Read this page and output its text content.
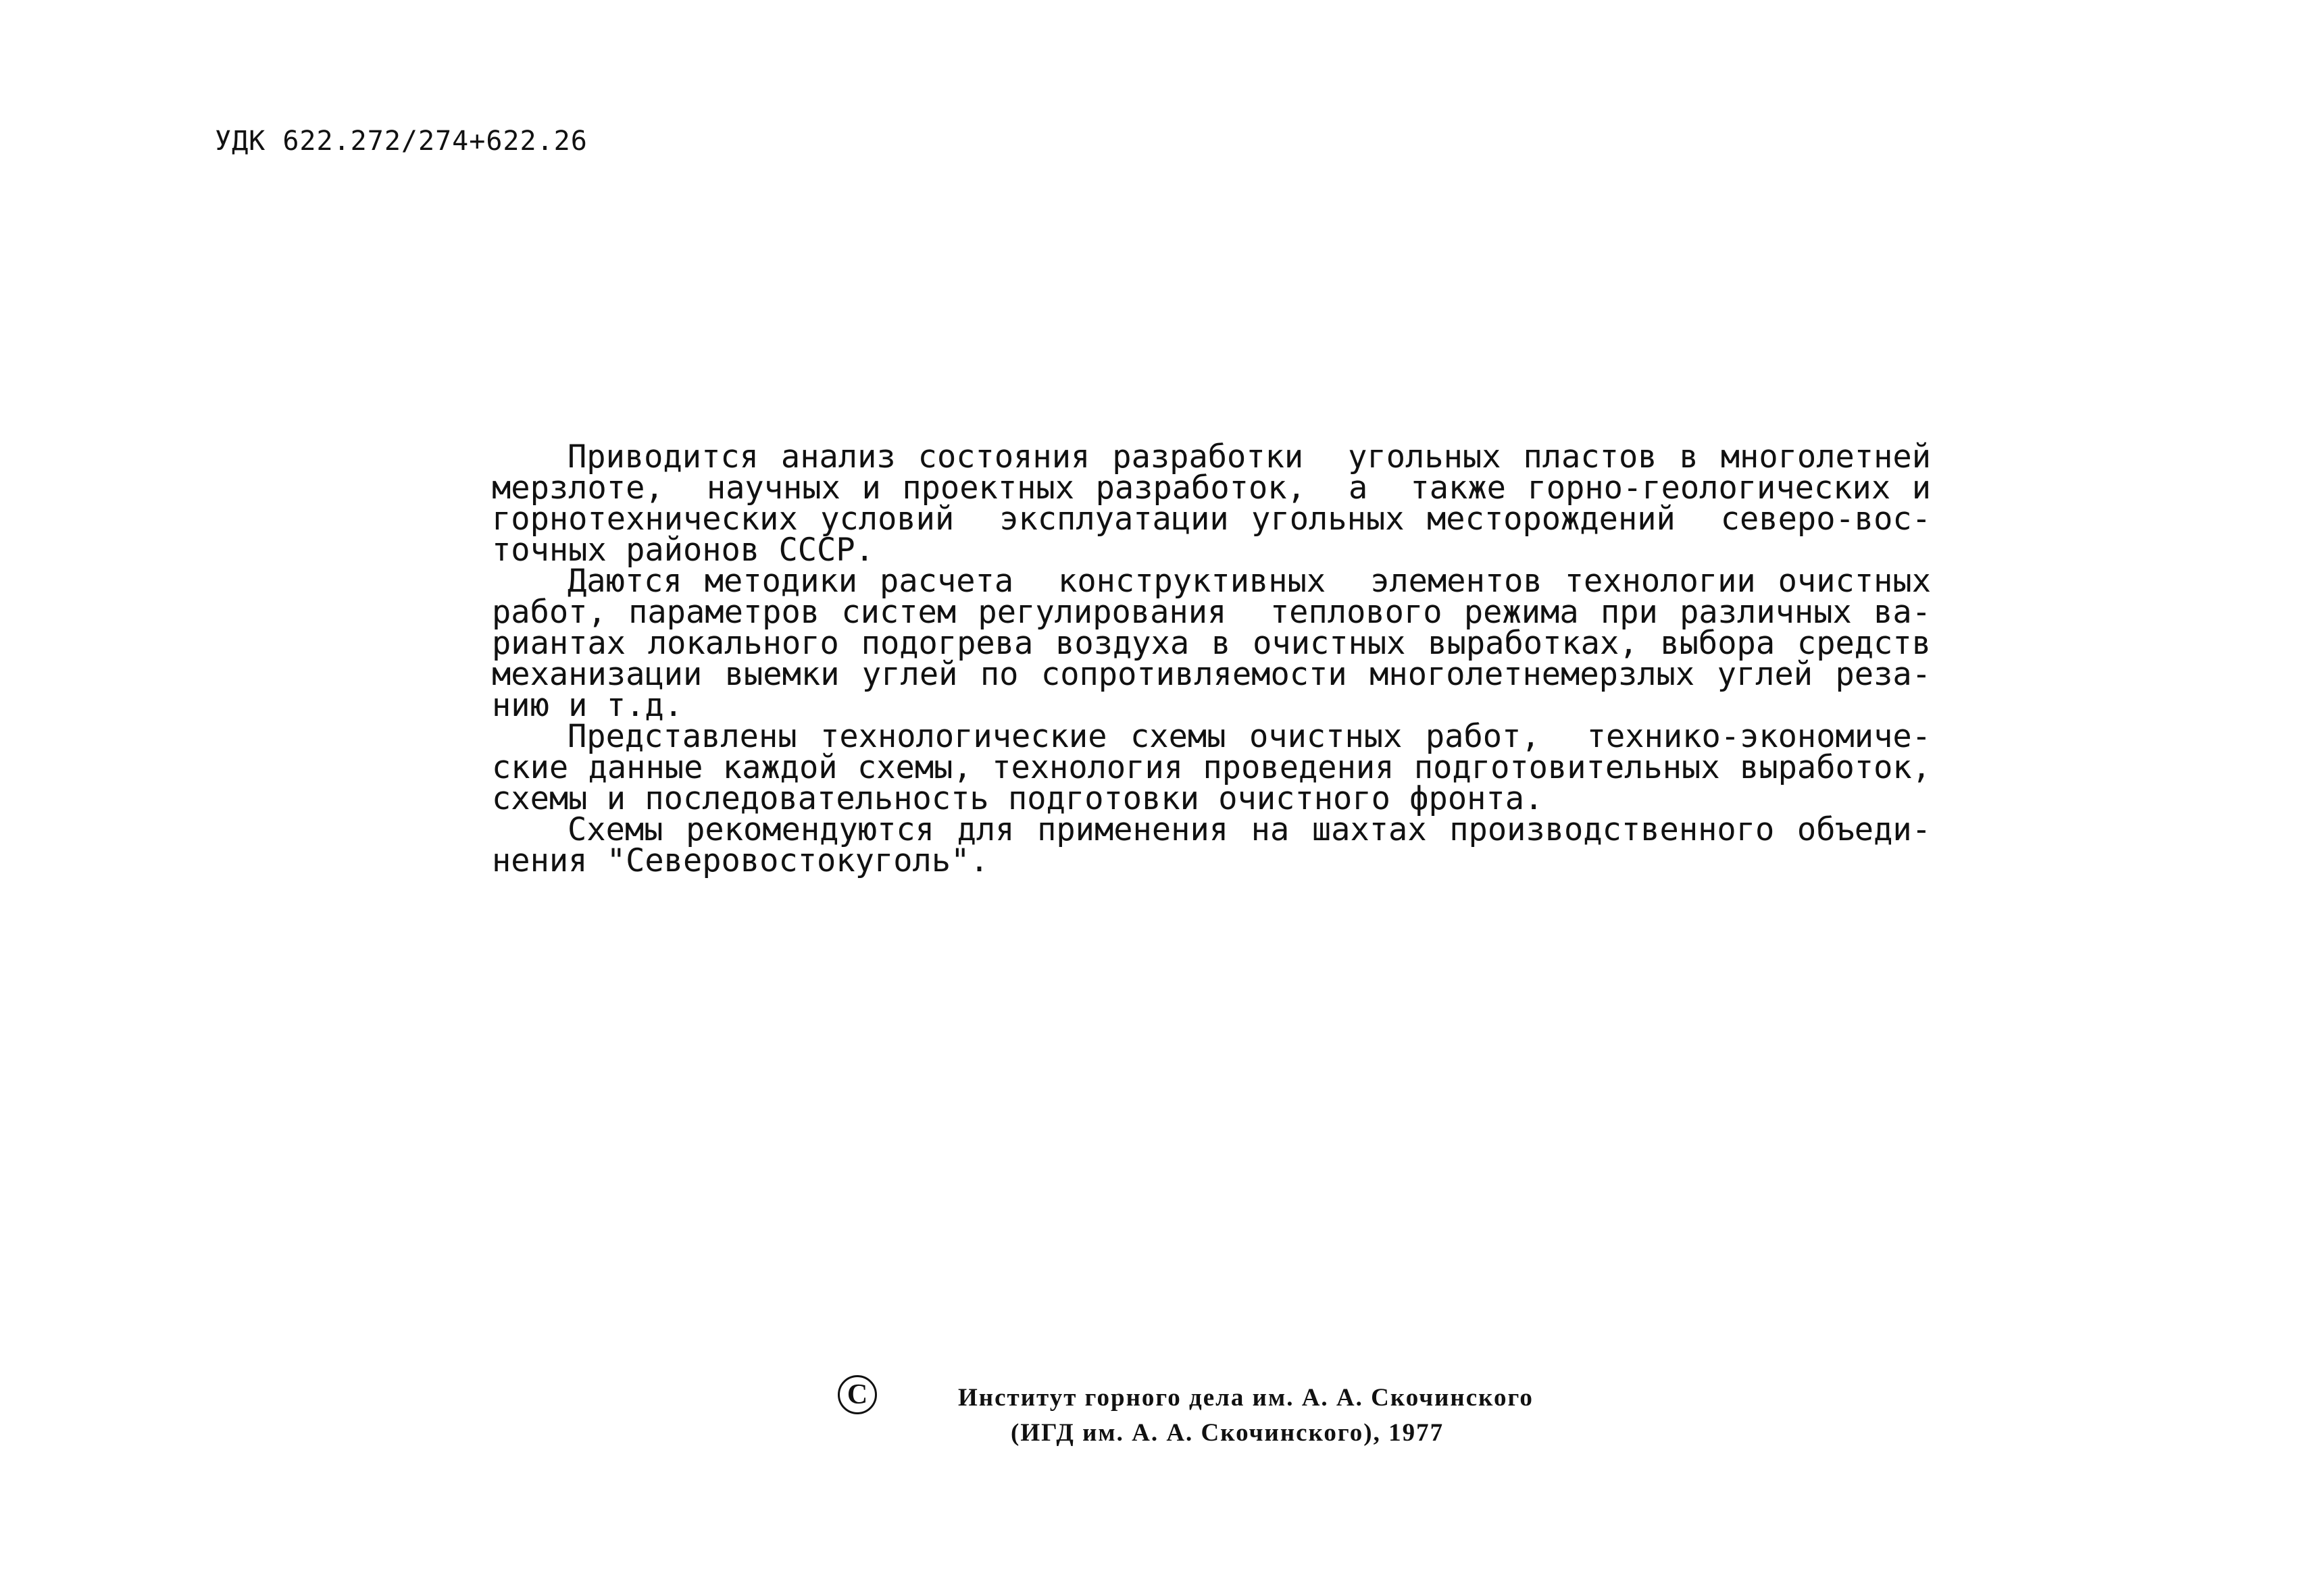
УДК 622.272/274+622.26

Приводится анализ состояния разработки  угольных пластов в многолетней
мерзлоте,  научных и проектных разработок,  а  также горно-геологических и
горнотехнических условий  эксплуатации угольных месторождений  северо-вос-
точных районов СССР.

Даются методики расчета  конструктивных  элементов технологии очистных
работ, параметров систем регулирования  теплового режима при различных ва-
риантах локального подогрева воздуха в очистных выработках, выбора средств
механизации выемки углей по сопротивляемости многолетнемерзлых углей реза-
нию и т.д.

Представлены технологические схемы очистных работ,  технико-экономиче-
ские данные каждой схемы, технология проведения подготовительных выработок,
схемы и последовательность подготовки очистного фронта.

Схемы рекомендуются для применения на шахтах производственного объеди-
нения "Северовостокуголь".

C	Институт горного дела им. А. А. Скочинского
(ИГД им. А. А. Скочинского), 1977
